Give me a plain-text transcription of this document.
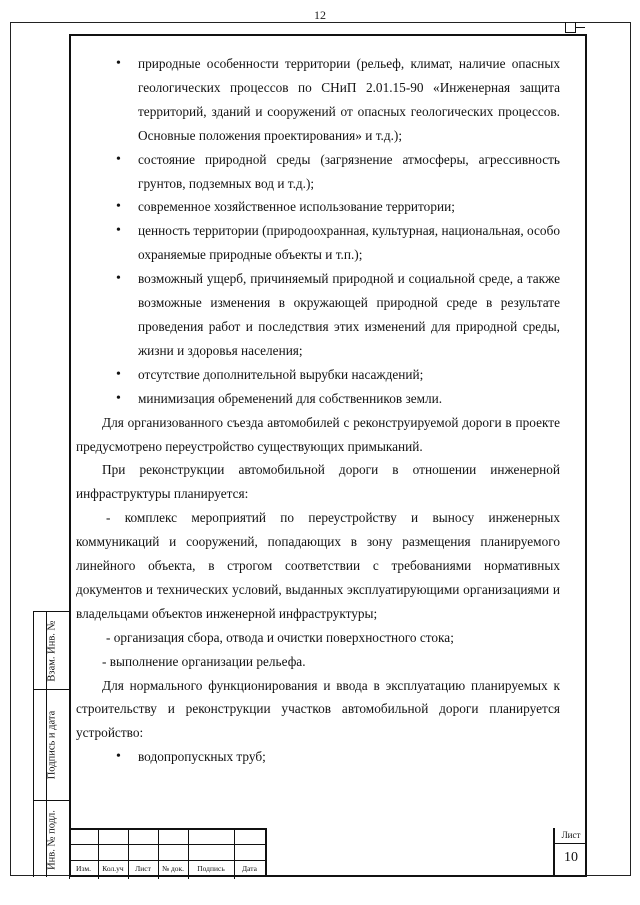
12

• природные особенности территории (рельеф, климат, наличие опасных геологических процессов по СНиП 2.01.15-90 «Инженерная защита территорий, зданий и сооружений от опасных геологических процессов. Основные положения проектирования» и т.д.);

• состояние природной среды (загрязнение атмосферы, агрессивность грунтов, подземных вод и т.д.);

• современное хозяйственное использование территории;

• ценность территории (природоохранная, культурная, национальная, особо охраняемые природные объекты и т.п.);

• возможный ущерб, причиняемый природной и социальной среде, а также возможные изменения в окружающей природной среде в результате проведения работ и последствия этих изменений для природной среды, жизни и здоровья населения;

• отсутствие дополнительной вырубки насаждений;

• минимизация обременений для собственников земли.

Для организованного съезда автомобилей с реконструируемой дороги в проекте предусмотрено переустройство существующих примыканий.

При реконструкции автомобильной дороги в отношении инженерной инфраструктуры планируется:

- комплекс мероприятий по переустройству и выносу инженерных коммуникаций и сооружений, попадающих в зону размещения планируемого линейного объекта, в строгом соответствии с требованиями нормативных документов и технических условий, выданных эксплуатирующими организациями и владельцами объектов инженерной инфраструктуры;

- организация сбора, отвода и очистки поверхностного стока;

- выполнение организации рельефа.

Для нормального функционирования и ввода в эксплуатацию планируемых к строительству и реконструкции участков автомобильной дороги планируется устройство:

• водопропускных труб;

Взам. Инв. №
Подпись и дата
Инв. № подл.	Изм.	Кол.уч	Лист	№ док.	Подпись	Дата
Лист
10
